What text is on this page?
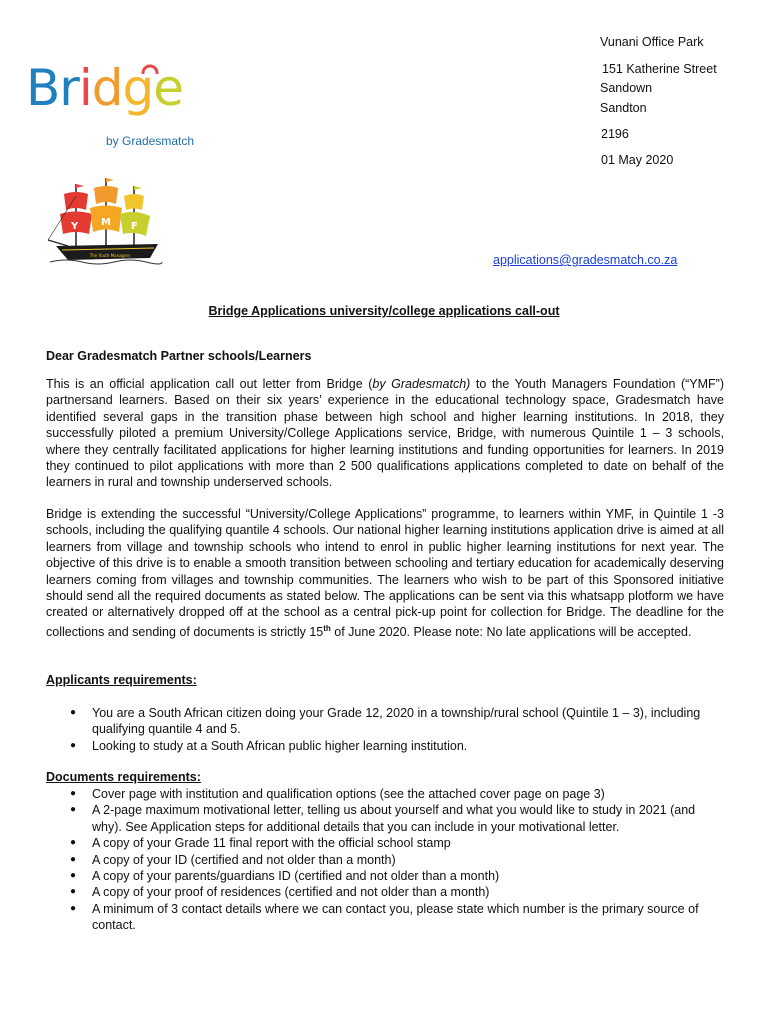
Bridge
by Gradesmatch
Y M F
The Youth Managers
Vunani Office Park
151 Katherine Street
Sandown
Sandton
2196
01 May 2020
applications@gradesmatch.co.za
Bridge Applications university/college applications call-out
Dear Gradesmatch Partner schools/Learners

This is an official application call out letter from Bridge (by Gradesmatch) to the Youth Managers Foundation (“YMF”) partnersand learners. Based on their six years’ experience in the educational technology space, Gradesmatch have identified several gaps in the transition phase between high school and higher learning institutions. In 2018, they successfully piloted a premium University/College Applications service, Bridge, with numerous Quintile 1 – 3 schools, where they centrally facilitated applications for higher learning institutions and funding opportunities for learners. In 2019 they continued to pilot applications with more than 2 500 qualifications applications completed to date on behalf of the learners in rural and township underserved schools.

Bridge is extending the successful “University/College Applications” programme, to learners within YMF, in Quintile 1 -3 schools, including the qualifying quantile 4 schools. Our national higher learning institutions application drive is aimed at all learners from village and township schools who intend to enrol in public higher learning institutions for next year. The objective of this drive is to enable a smooth transition between schooling and tertiary education for academically deserving learners coming from villages and township communities. The learners who wish to be part of this Sponsored initiative should send all the required documents as stated below. The applications can be sent via this whatsapp plotform we have created or alternatively dropped off at the school as a central pick-up point for collection for Bridge. The deadline for the collections and sending of documents is strictly 15th of June 2020. Please note: No late applications will be accepted.

Applicants requirements:
● You are a South African citizen doing your Grade 12, 2020 in a township/rural school (Quintile 1 – 3), including qualifying quantile 4 and 5.
● Looking to study at a South African public higher learning institution.
Documents requirements:
● Cover page with institution and qualification options (see the attached cover page on page 3)
● A 2-page maximum motivational letter, telling us about yourself and what you would like to study in 2021 (and why). See Application steps for additional details that you can include in your motivational letter.
● A copy of your Grade 11 final report with the official school stamp
● A copy of your ID (certified and not older than a month)
● A copy of your parents/guardians ID (certified and not older than a month)
● A copy of your proof of residences (certified and not older than a month)
● A minimum of 3 contact details where we can contact you, please state which number is the primary source of contact.
